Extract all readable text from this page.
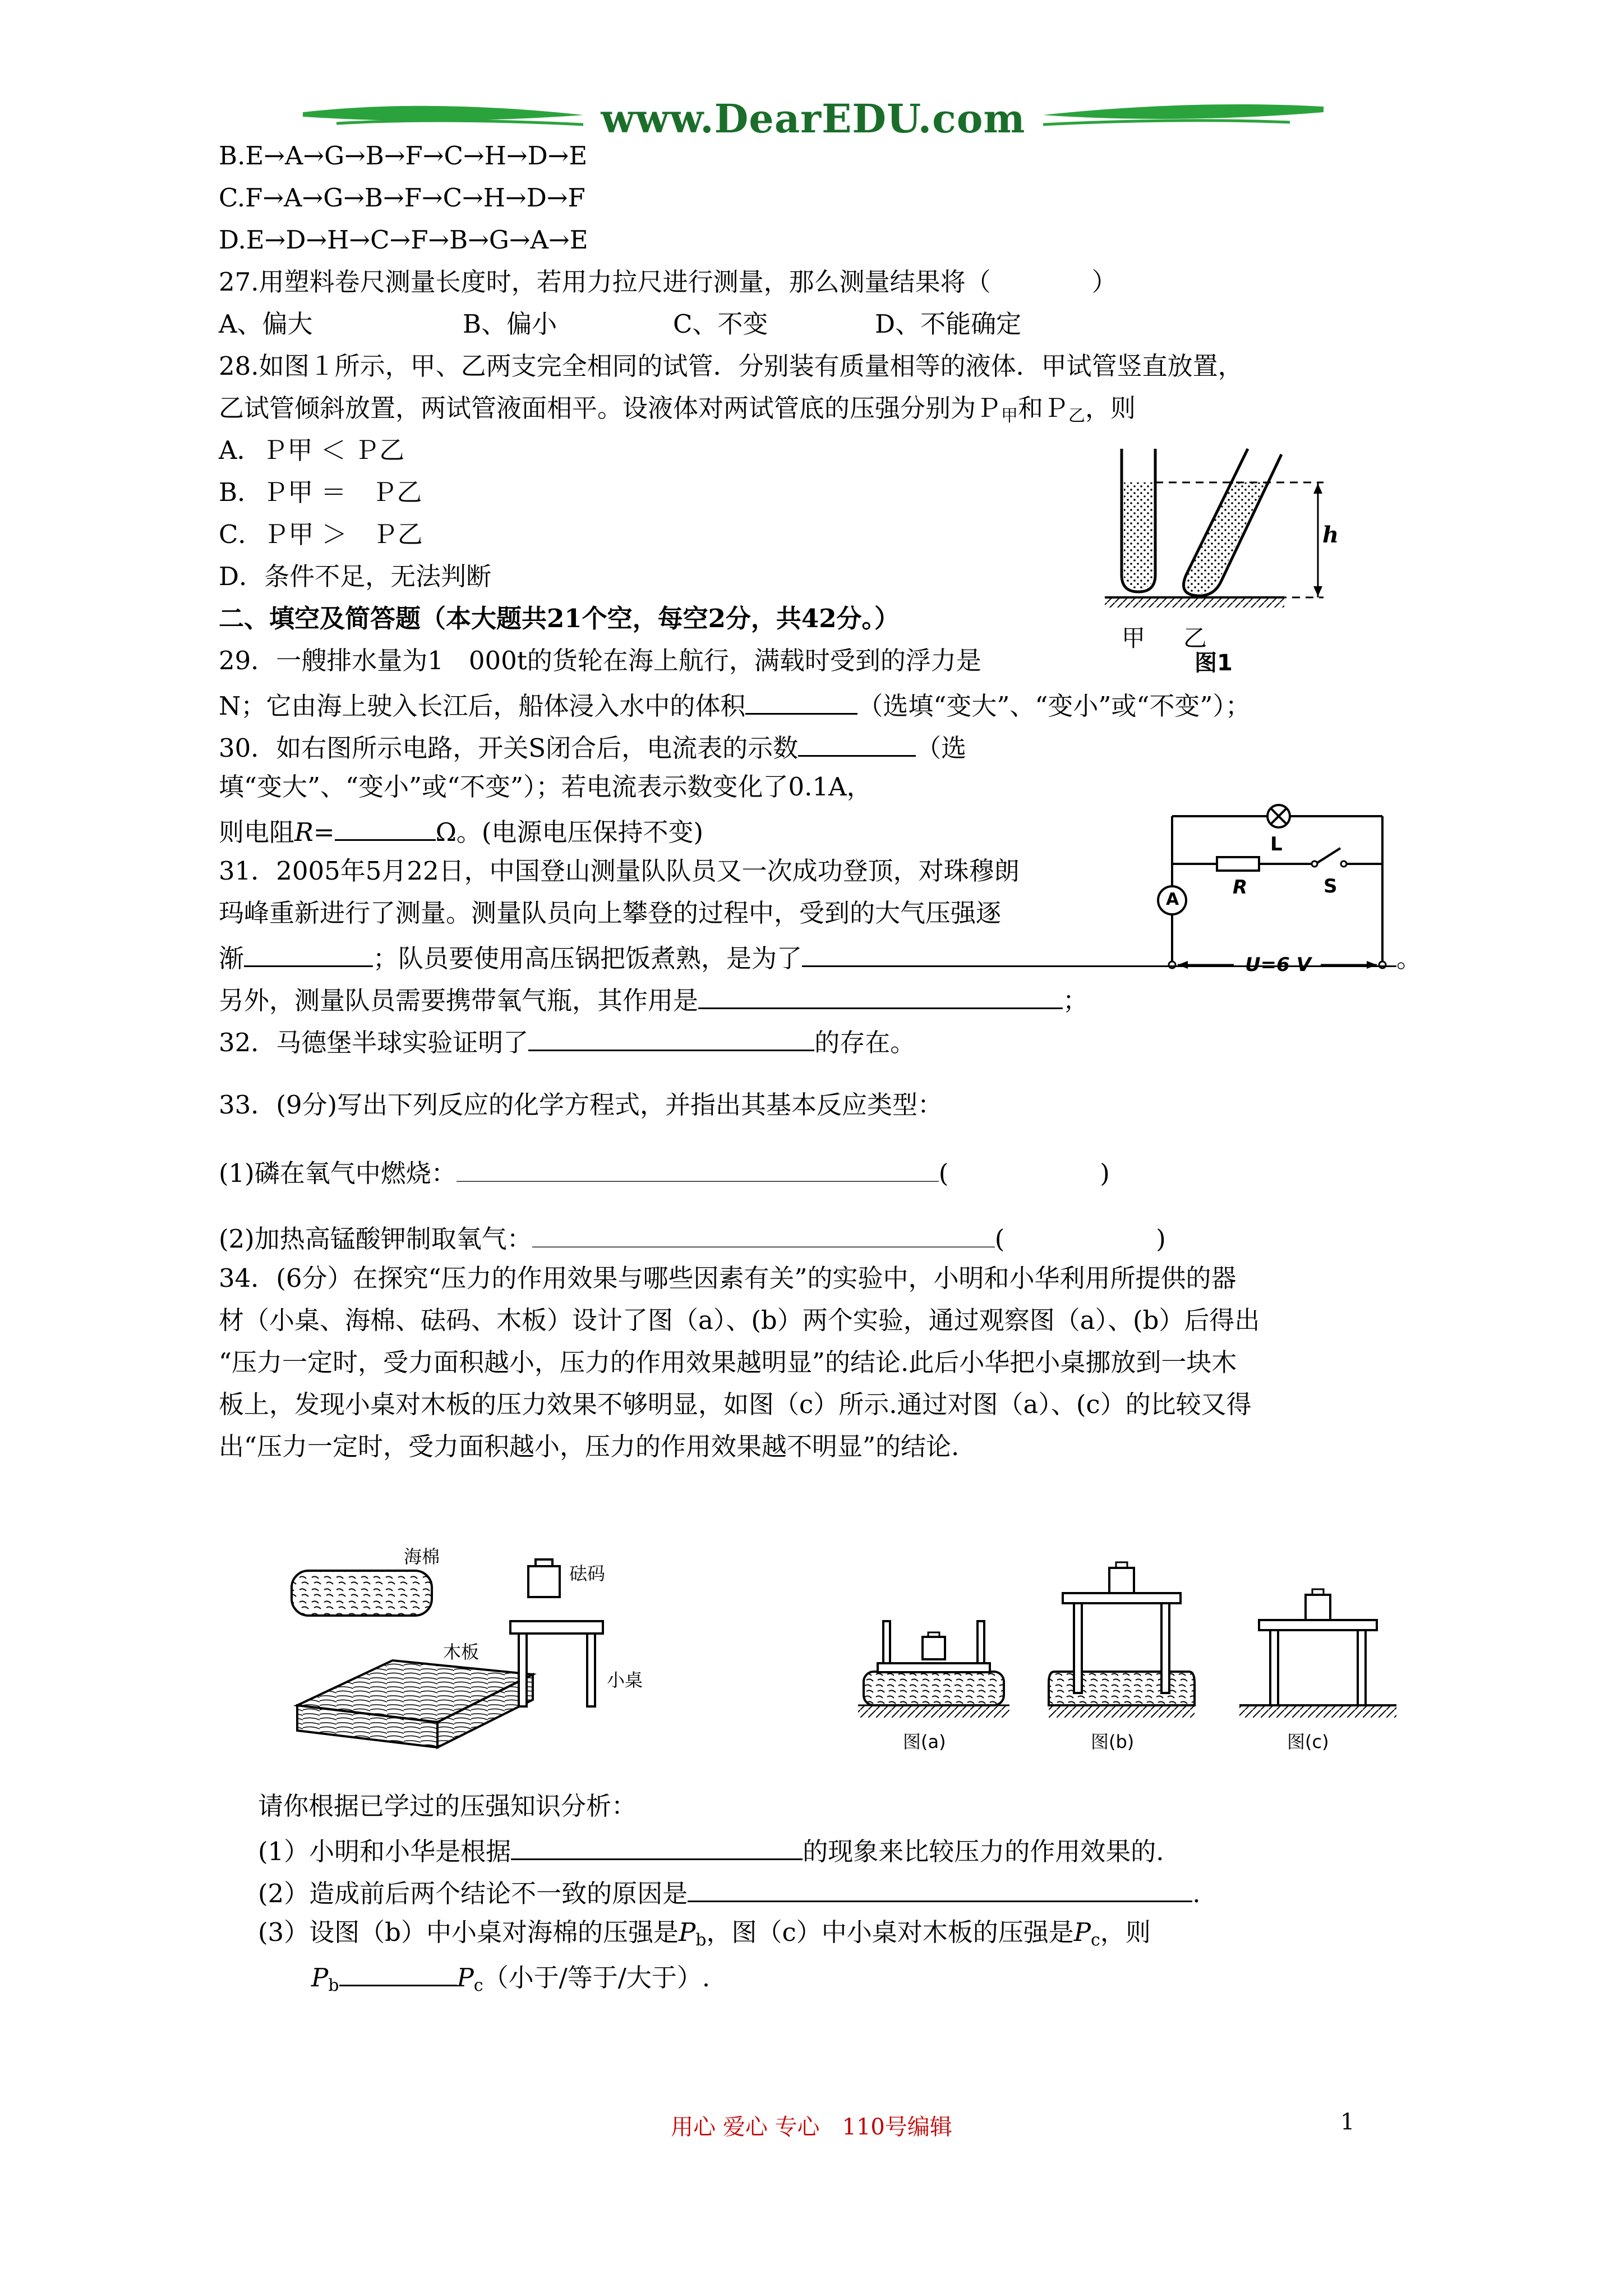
www.DearEDU.com
B.E→A→G→B→F→C→H→D→E
C.F→A→G→B→F→C→H→D→F
D.E→D→H→C→F→B→G→A→E
27.用塑料卷尺测量长度时，若用力拉尺进行测量，那么测量结果将（　　　　）
A、偏大	B、偏小	C、不变	D、不能确定
28.如图１所示，甲、乙两支完全相同的试管．分别装有质量相等的液体．甲试管竖直放置，
乙试管倾斜放置，两试管液面相平。设液体对两试管底的压强分别为Ｐ$_甲$和Ｐ$_乙$，则
A．Ｐ甲 ＜ Ｐ乙
B．Ｐ甲 ＝　Ｐ乙
C．Ｐ甲 ＞　Ｐ乙
D．条件不足，无法判断
h
甲 乙
图1
二、填空及简答题（本大题共21个空，每空2分，共42分。）
29．一艘排水量为1　000t的货轮在海上航行，满载时受到的浮力是
N；它由海上驶入长江后，船体浸入水中的体积	（选填“变大”、“变小”或“不变”）；
30．如右图所示电路，开关S闭合后，电流表的示数	（选
填“变大”、“变小”或“不变”）；若电流表示数变化了0.1A，
则电阻R=	Ω。(电源电压保持不变)	L
R	S
A
U=6 V
31．2005年5月22日，中国登山测量队队员又一次成功登顶，对珠穆朗
玛峰重新进行了测量。测量队员向上攀登的过程中，受到的大气压强逐
渐	；队员要使用高压锅把饭煮熟，是为了	。
另外，测量队员需要携带氧气瓶，其作用是	；
32．马德堡半球实验证明了	的存在。
33．(9分)写出下列反应的化学方程式，并指出其基本反应类型：
(1)磷在氧气中燃烧：	(　　　　　　)
(2)加热高锰酸钾制取氧气：	(　　　　　　)
34．(6分）在探究“压力的作用效果与哪些因素有关”的实验中，小明和小华利用所提供的器
材（小桌、海棉、砝码、木板）设计了图（a）、(b）两个实验，通过观察图（a）、(b）后得出
“压力一定时，受力面积越小，压力的作用效果越明显”的结论.此后小华把小桌挪放到一块木
板上，发现小桌对木板的压力效果不够明显，如图（c）所示.通过对图（a）、(c）的比较又得
出“压力一定时，受力面积越小，压力的作用效果越不明显”的结论.
海棉
砝码
木板
小桌
图(a)	图(b)	图(c)
请你根据已学过的压强知识分析：
(1）小明和小华是根据	的现象来比较压力的作用效果的.
(2）造成前后两个结论不一致的原因是	.
(3）设图（b）中小桌对海棉的压强是$P_b$，图（c）中小桌对木板的压强是$P_c$，则
$P_b$	$P_c$（小于/等于/大于）.
用心 爱心 专心　110号编辑	1
